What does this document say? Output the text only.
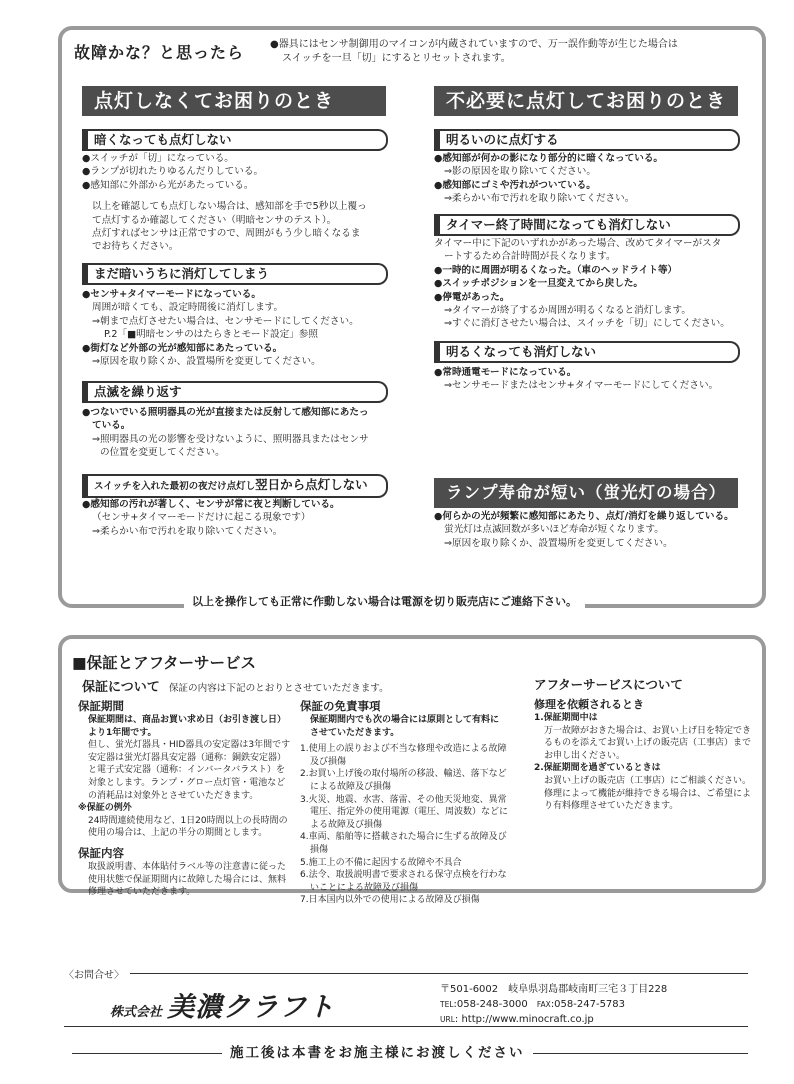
故障かな？と思ったら	●器具にはセンサ制御用のマイコンが内蔵されていますので、万一誤作動等が生じた場合は
スイッチを一旦「切」にするとリセットされます。
点灯しなくてお困りのとき	不必要に点灯してお困りのとき
暗くなっても点灯しない
●スイッチが「切」になっている。
●ランプが切れたりゆるんだりしている。
●感知部に外部から光があたっている。
以上を確認しても点灯しない場合は、感知部を手で5秒以上覆っ
て点灯するか確認してください（明暗センサのテスト）。
点灯すればセンサは正常ですので、周囲がもう少し暗くなるま
でお待ちください。
まだ暗いうちに消灯してしまう
●センサ+タイマーモードになっている。
周囲が暗くても、設定時間後に消灯します。
⇒朝まで点灯させたい場合は、センサモードにしてください。
P.2「■明暗センサのはたらきとモード設定」参照
●街灯など外部の光が感知部にあたっている。
⇒原因を取り除くか、設置場所を変更してください。
点滅を繰り返す
●つないでいる照明器具の光が直接または反射して感知部にあたっ
ている。
⇒照明器具の光の影響を受けないように、照明器具またはセンサ
の位置を変更してください。
スイッチを入れた最初の夜だけ点灯し翌日から点灯しない
●感知部の汚れが著しく、センサが常に夜と判断している。
（センサ+タイマーモードだけに起こる現象です）
⇒柔らかい布で汚れを取り除いてください。
明るいのに点灯する
●感知部が何かの影になり部分的に暗くなっている。
⇒影の原因を取り除いてください。
●感知部にゴミや汚れがついている。
⇒柔らかい布で汚れを取り除いてください。
タイマー終了時間になっても消灯しない
タイマー中に下記のいずれかがあった場合、改めてタイマーがスタ
ートするため合計時間が長くなります。
●一時的に周囲が明るくなった。（車のヘッドライト等）
●スイッチポジションを一旦変えてから戻した。
●停電があった。
⇒タイマーが終了するか周囲が明るくなると消灯します。
⇒すぐに消灯させたい場合は、スイッチを「切」にしてください。
明るくなっても消灯しない
●常時通電モードになっている。
⇒センサモードまたはセンサ+タイマーモードにしてください。
ランプ寿命が短い（蛍光灯の場合）
●何らかの光が頻繁に感知部にあたり、点灯/消灯を繰り返している。
蛍光灯は点滅回数が多いほど寿命が短くなります。
⇒原因を取り除くか、設置場所を変更してください。
以上を操作しても正常に作動しない場合は電源を切り販売店にご連絡下さい。
■保証とアフターサービス
保証について 保証の内容は下記のとおりとさせていただきます。
保証期間
保証期間は、商品お買い求め日（お引き渡し日）
より1年間です。
但し、蛍光灯器具・HID器具の安定器は3年間です
安定器は蛍光灯器具安定器（通称：銅鉄安定器）
と電子式安定器（通称：インバータバラスト）を
対象とします。ランプ・グロー点灯管・電池など
の消耗品は対象外とさせていただきます。
※保証の例外
24時間連続使用など、1日20時間以上の長時間の
使用の場合は、上記の半分の期間とします。
保証内容
取扱説明書、本体貼付ラベル等の注意書に従った
使用状態で保証期間内に故障した場合には、無料
修理させていただきます。
保証の免責事項
保証期間内でも次の場合には原則として有料に
させていただきます。
1.使用上の誤りおよび不当な修理や改造による故障
及び損傷
2.お買い上げ後の取付場所の移設、輸送、落下など
による故障及び損傷
3.火災、地震、水害、落雷、その他天災地変、異常
電圧、指定外の使用電源（電圧、周波数）などに
よる故障及び損傷
4.車両、船舶等に搭載された場合に生ずる故障及び
損傷
5.施工上の不備に起因する故障や不具合
6.法令、取扱説明書で要求される保守点検を行わな
いことによる故障及び損傷
7.日本国内以外での使用による故障及び損傷
アフターサービスについて
修理を依頼されるとき
1.保証期間中は
万一故障がおきた場合は、お買い上げ日を特定でき
るものを添えてお買い上げの販売店（工事店）まで
お申し出ください。
2.保証期間を過ぎているときは
お買い上げの販売店（工事店）にご相談ください。
修理によって機能が維持できる場合は、ご希望によ
り有料修理させていただきます。
〈お問合せ〉
株式会社 美濃クラフト
〒501-6002　岐阜県羽島郡岐南町三宅３丁目228
TEL:058-248-3000 FAX:058-247-5783
URL: http://www.minocraft.co.jp
施工後は本書をお施主様にお渡しください
